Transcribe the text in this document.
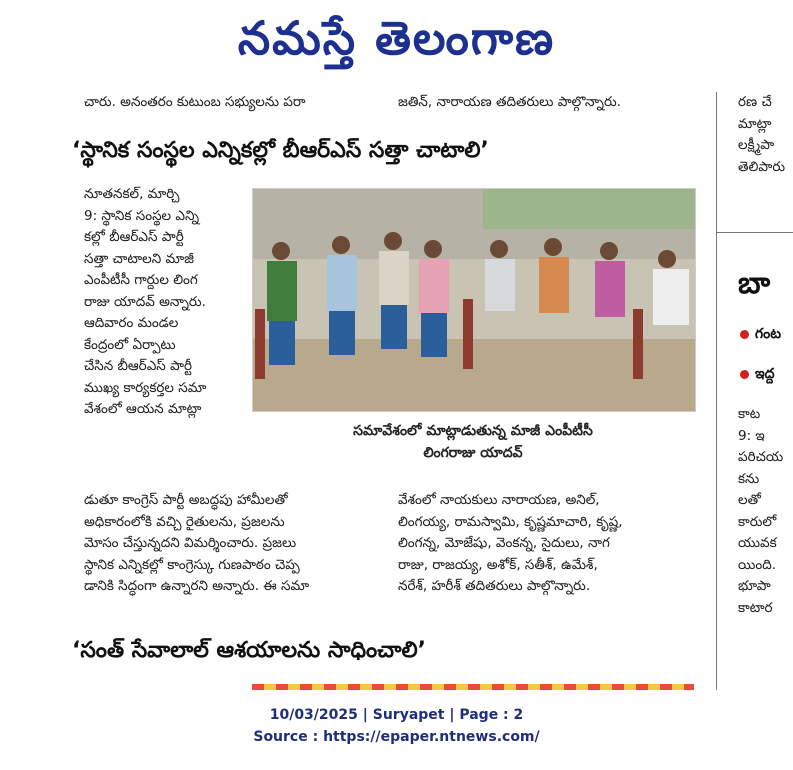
నమస్తే తెలంగాణ
చారు. అనంతరం కుటుంబ సభ్యులను పరా	జతిన్, నారాయణ తదితరులు పాల్గొన్నారు.
‘స్థానిక సంస్థల ఎన్నికల్లో బీఆర్ఎస్ సత్తా చాటాలి’
నూతనకల్, మార్చి
9: స్థానిక సంస్థల ఎన్ని
కల్లో బీఆర్ఎస్ పార్టీ
సత్తా చాటాలని మాజీ
ఎంపీటీసీ గార్దుల లింగ
రాజు యాదవ్ అన్నారు.
ఆదివారం మండల
కేంద్రంలో ఏర్పాటు
చేసిన బీఆర్ఎస్ పార్టీ
ముఖ్య కార్యకర్తల సమా
వేశంలో ఆయన మాట్లా
సమావేశంలో మాట్లాడుతున్న మాజీ ఎంపీటీసీ
లింగరాజు యాదవ్
డుతూ కాంగ్రెస్ పార్టీ అబద్ధపు హామీలతో
అధికారంలోకి వచ్చి రైతులను, ప్రజలను
మోసం చేస్తున్నదని విమర్శించారు. ప్రజలు
స్థానిక ఎన్నికల్లో కాంగ్రెస్కు గుణపాఠం చెప్ప
డానికి సిద్ధంగా ఉన్నారని అన్నారు. ఈ సమా
వేశంలో నాయకులు నారాయణ, అనిల్,
లింగయ్య, రామస్వామి, కృష్ణమాచారి, కృష్ణ,
లింగన్న, మోజేషు, వెంకన్న, సైదులు, నాగ
రాజు, రాజయ్య, అశోక్, సతీశ్, ఉమేశ్,
నరేశ్, హరీశ్ తదితరులు పాల్గొన్నారు.
‘సంత్ సేవాలాల్ ఆశయాలను సాధించాలి’
రణ చే
మాట్లా
లక్ష్మీపా
తెలిపారు
బా
గంట
ఇద్ద
కాట
9: ఇ
పరిచయ
కను
లతో
కారులో
యువక
యింది.
భూపా
కాటార
10/03/2025 | Suryapet | Page : 2
Source : https://epaper.ntnews.com/
